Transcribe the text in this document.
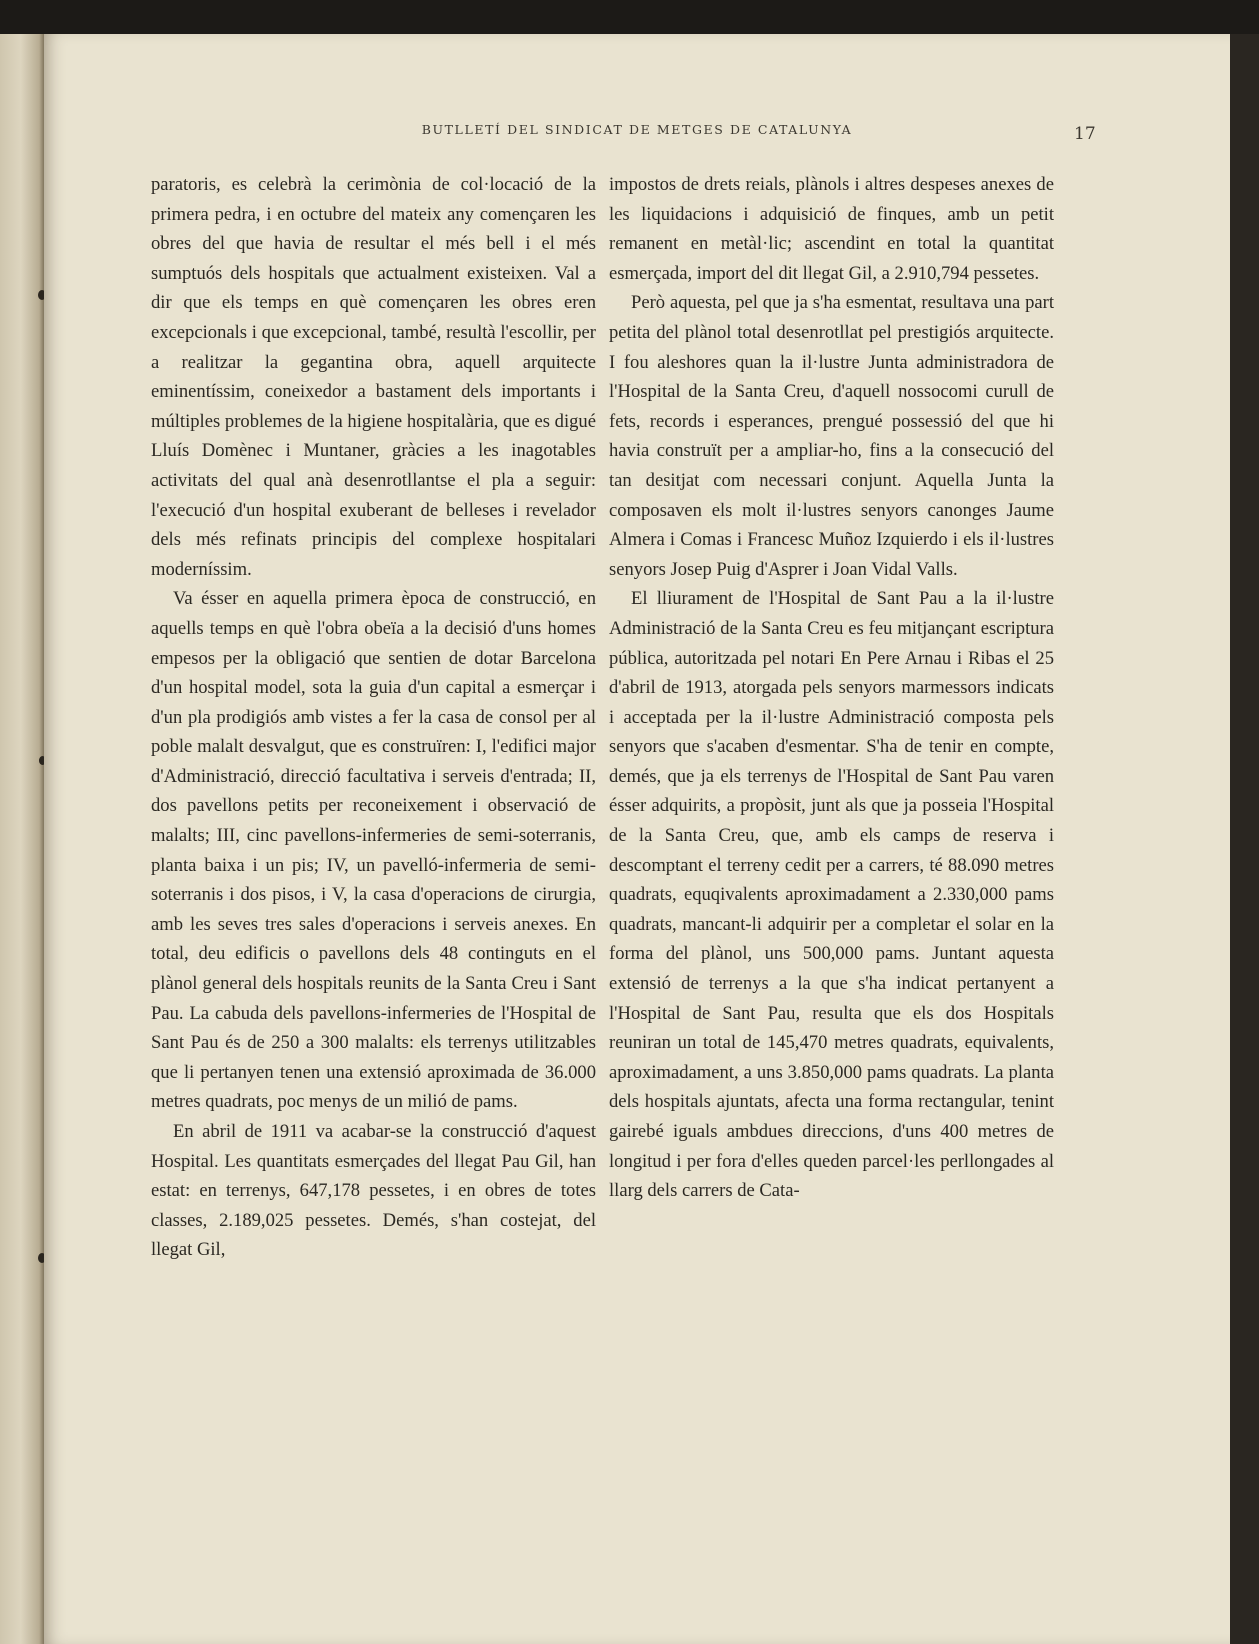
BUTLLETÍ DEL SINDICAT DE METGES DE CATALUNYA	17

paratoris, es celebrà la cerimònia de col·locació de la primera pedra, i en octubre del mateix any començaren les obres del que havia de resultar el més bell i el més sumptuós dels hospitals que actualment existeixen. Val a dir que els temps en què començaren les obres eren excepcionals i que excepcional, també, resultà l'escollir, per a realitzar la gegantina obra, aquell arquitecte eminentíssim, coneixedor a bastament dels importants i múltiples problemes de la higiene hospitalària, que es digué Lluís Domènec i Muntaner, gràcies a les inagotables activitats del qual anà desenrotllantse el pla a seguir: l'execució d'un hospital exuberant de belleses i revelador dels més refinats principis del complexe hospitalari moderníssim.

Va ésser en aquella primera època de construcció, en aquells temps en què l'obra obeïa a la decisió d'uns homes empesos per la obligació que sentien de dotar Barcelona d'un hospital model, sota la guia d'un capital a esmerçar i d'un pla prodigiós amb vistes a fer la casa de consol per al poble malalt desvalgut, que es construïren: I, l'edifici major d'Administració, direcció facultativa i serveis d'entrada; II, dos pavellons petits per reconeixement i observació de malalts; III, cinc pavellons-infermeries de semi-soterranis, planta baixa i un pis; IV, un pavelló-infermeria de semi-soterranis i dos pisos, i V, la casa d'operacions de cirurgia, amb les seves tres sales d'operacions i serveis anexes. En total, deu edificis o pavellons dels 48 continguts en el plànol general dels hospitals reunits de la Santa Creu i Sant Pau. La cabuda dels pavellons-infermeries de l'Hospital de Sant Pau és de 250 a 300 malalts: els terrenys utilitzables que li pertanyen tenen una extensió aproximada de 36.000 metres quadrats, poc menys de un milió de pams.

En abril de 1911 va acabar-se la construcció d'aquest Hospital. Les quantitats esmerçades del llegat Pau Gil, han estat: en terrenys, 647,178 pessetes, i en obres de totes classes, 2.189,025 pessetes. Demés, s'han costejat, del llegat Gil,

impostos de drets reials, plànols i altres despeses anexes de les liquidacions i adquisició de finques, amb un petit remanent en metàl·lic; ascendint en total la quantitat esmerçada, import del dit llegat Gil, a 2.910,794 pessetes.

Però aquesta, pel que ja s'ha esmentat, resultava una part petita del plànol total desenrotllat pel prestigiós arquitecte. I fou aleshores quan la il·lustre Junta administradora de l'Hospital de la Santa Creu, d'aquell nossocomi curull de fets, records i esperances, prengué possessió del que hi havia construït per a ampliar-ho, fins a la consecució del tan desitjat com necessari conjunt. Aquella Junta la composaven els molt il·lustres senyors canonges Jaume Almera i Comas i Francesc Muñoz Izquierdo i els il·lustres senyors Josep Puig d'Asprer i Joan Vidal Valls.

El lliurament de l'Hospital de Sant Pau a la il·lustre Administració de la Santa Creu es feu mitjançant escriptura pública, autoritzada pel notari En Pere Arnau i Ribas el 25 d'abril de 1913, atorgada pels senyors marmessors indicats i acceptada per la il·lustre Administració composta pels senyors que s'acaben d'esmentar. S'ha de tenir en compte, demés, que ja els terrenys de l'Hospital de Sant Pau varen ésser adquirits, a propòsit, junt als que ja posseia l'Hospital de la Santa Creu, que, amb els camps de reserva i descomptant el terreny cedit per a carrers, té 88.090 metres quadrats, equqivalents aproximadament a 2.330,000 pams quadrats, mancant-li adquirir per a completar el solar en la forma del plànol, uns 500,000 pams. Juntant aquesta extensió de terrenys a la que s'ha indicat pertanyent a l'Hospital de Sant Pau, resulta que els dos Hospitals reuniran un total de 145,470 metres quadrats, equivalents, aproximadament, a uns 3.850,000 pams quadrats. La planta dels hospitals ajuntats, afecta una forma rectangular, tenint gairebé iguals ambdues direccions, d'uns 400 metres de longitud i per fora d'elles queden parcel·les perllongades al llarg dels carrers de Cata-
